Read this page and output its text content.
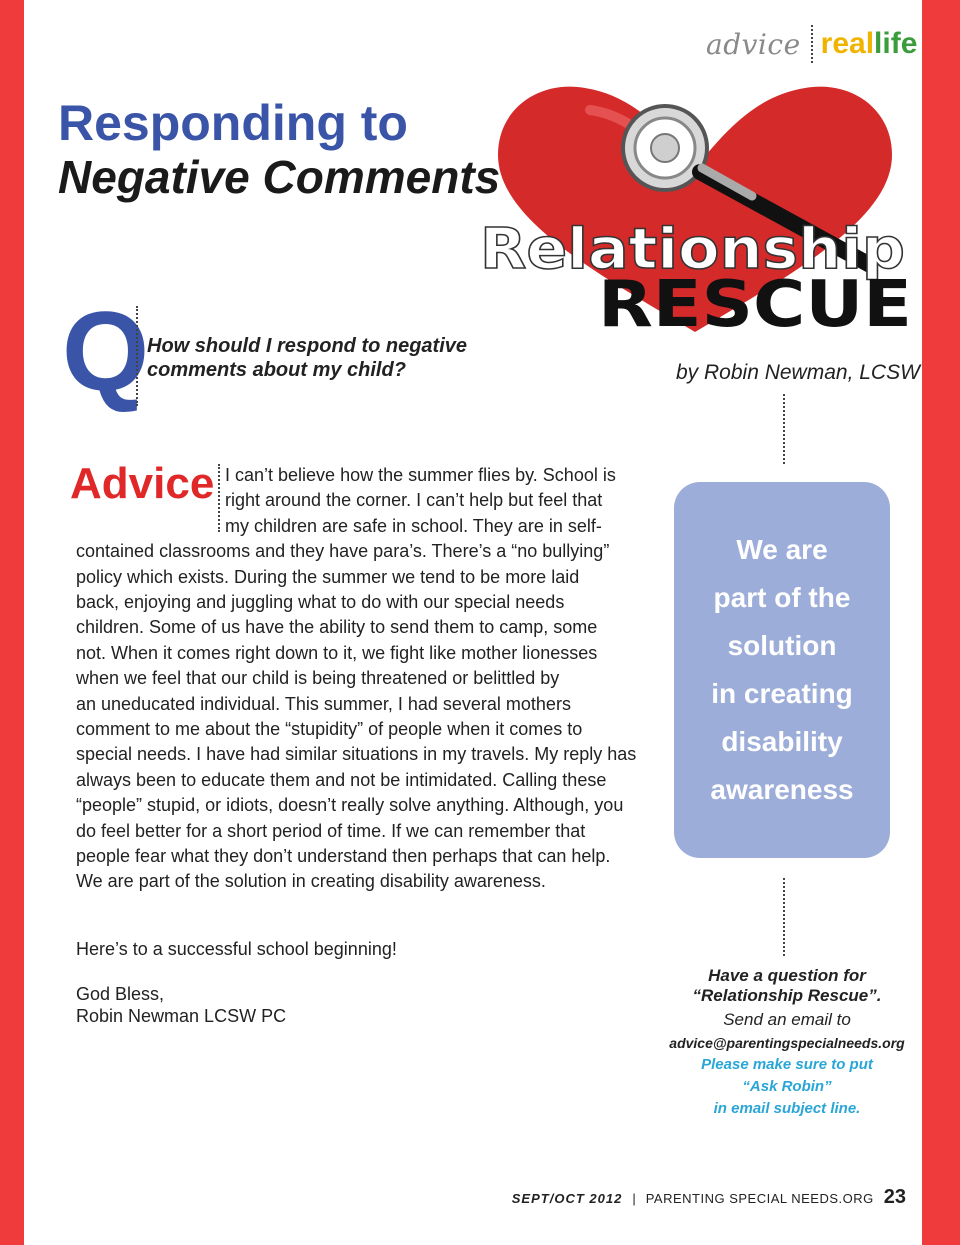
advice real life
Responding to
Negative Comments
Relationship
RESCUE
Q
How should I respond to negative comments about my child?	by Robin Newman, LCSW
Advice I can’t believe how the summer flies by. School is
right around the corner. I can’t help but feel that
my children are safe in school. They are in self-
contained classrooms and they have para’s. There’s a “no bullying”
policy which exists. During the summer we tend to be more laid
back, enjoying and juggling what to do with our special needs
children. Some of us have the ability to send them to camp, some
not. When it comes right down to it, we fight like mother lionesses
when we feel that our child is being threatened or belittled by
an uneducated individual. This summer, I had several mothers
comment to me about the “stupidity” of people when it comes to
special needs. I have had similar situations in my travels. My reply has
always been to educate them and not be intimidated. Calling these
“people” stupid, or idiots, doesn’t really solve anything. Although, you
do feel better for a short period of time. If we can remember that
people fear what they don’t understand then perhaps that can help.
We are part of the solution in creating disability awareness.
Here’s to a successful school beginning!
God Bless,
Robin Newman LCSW PC
We are
part of the
solution
in creating
disability
awareness
Have a question for
“Relationship Rescue”.
Send an email to
advice@parentingspecialneeds.org
Please make sure to put
“Ask Robin”
in email subject line.
SEPT/OCT 2012 | PARENTING SPECIAL NEEDS.ORG 23
